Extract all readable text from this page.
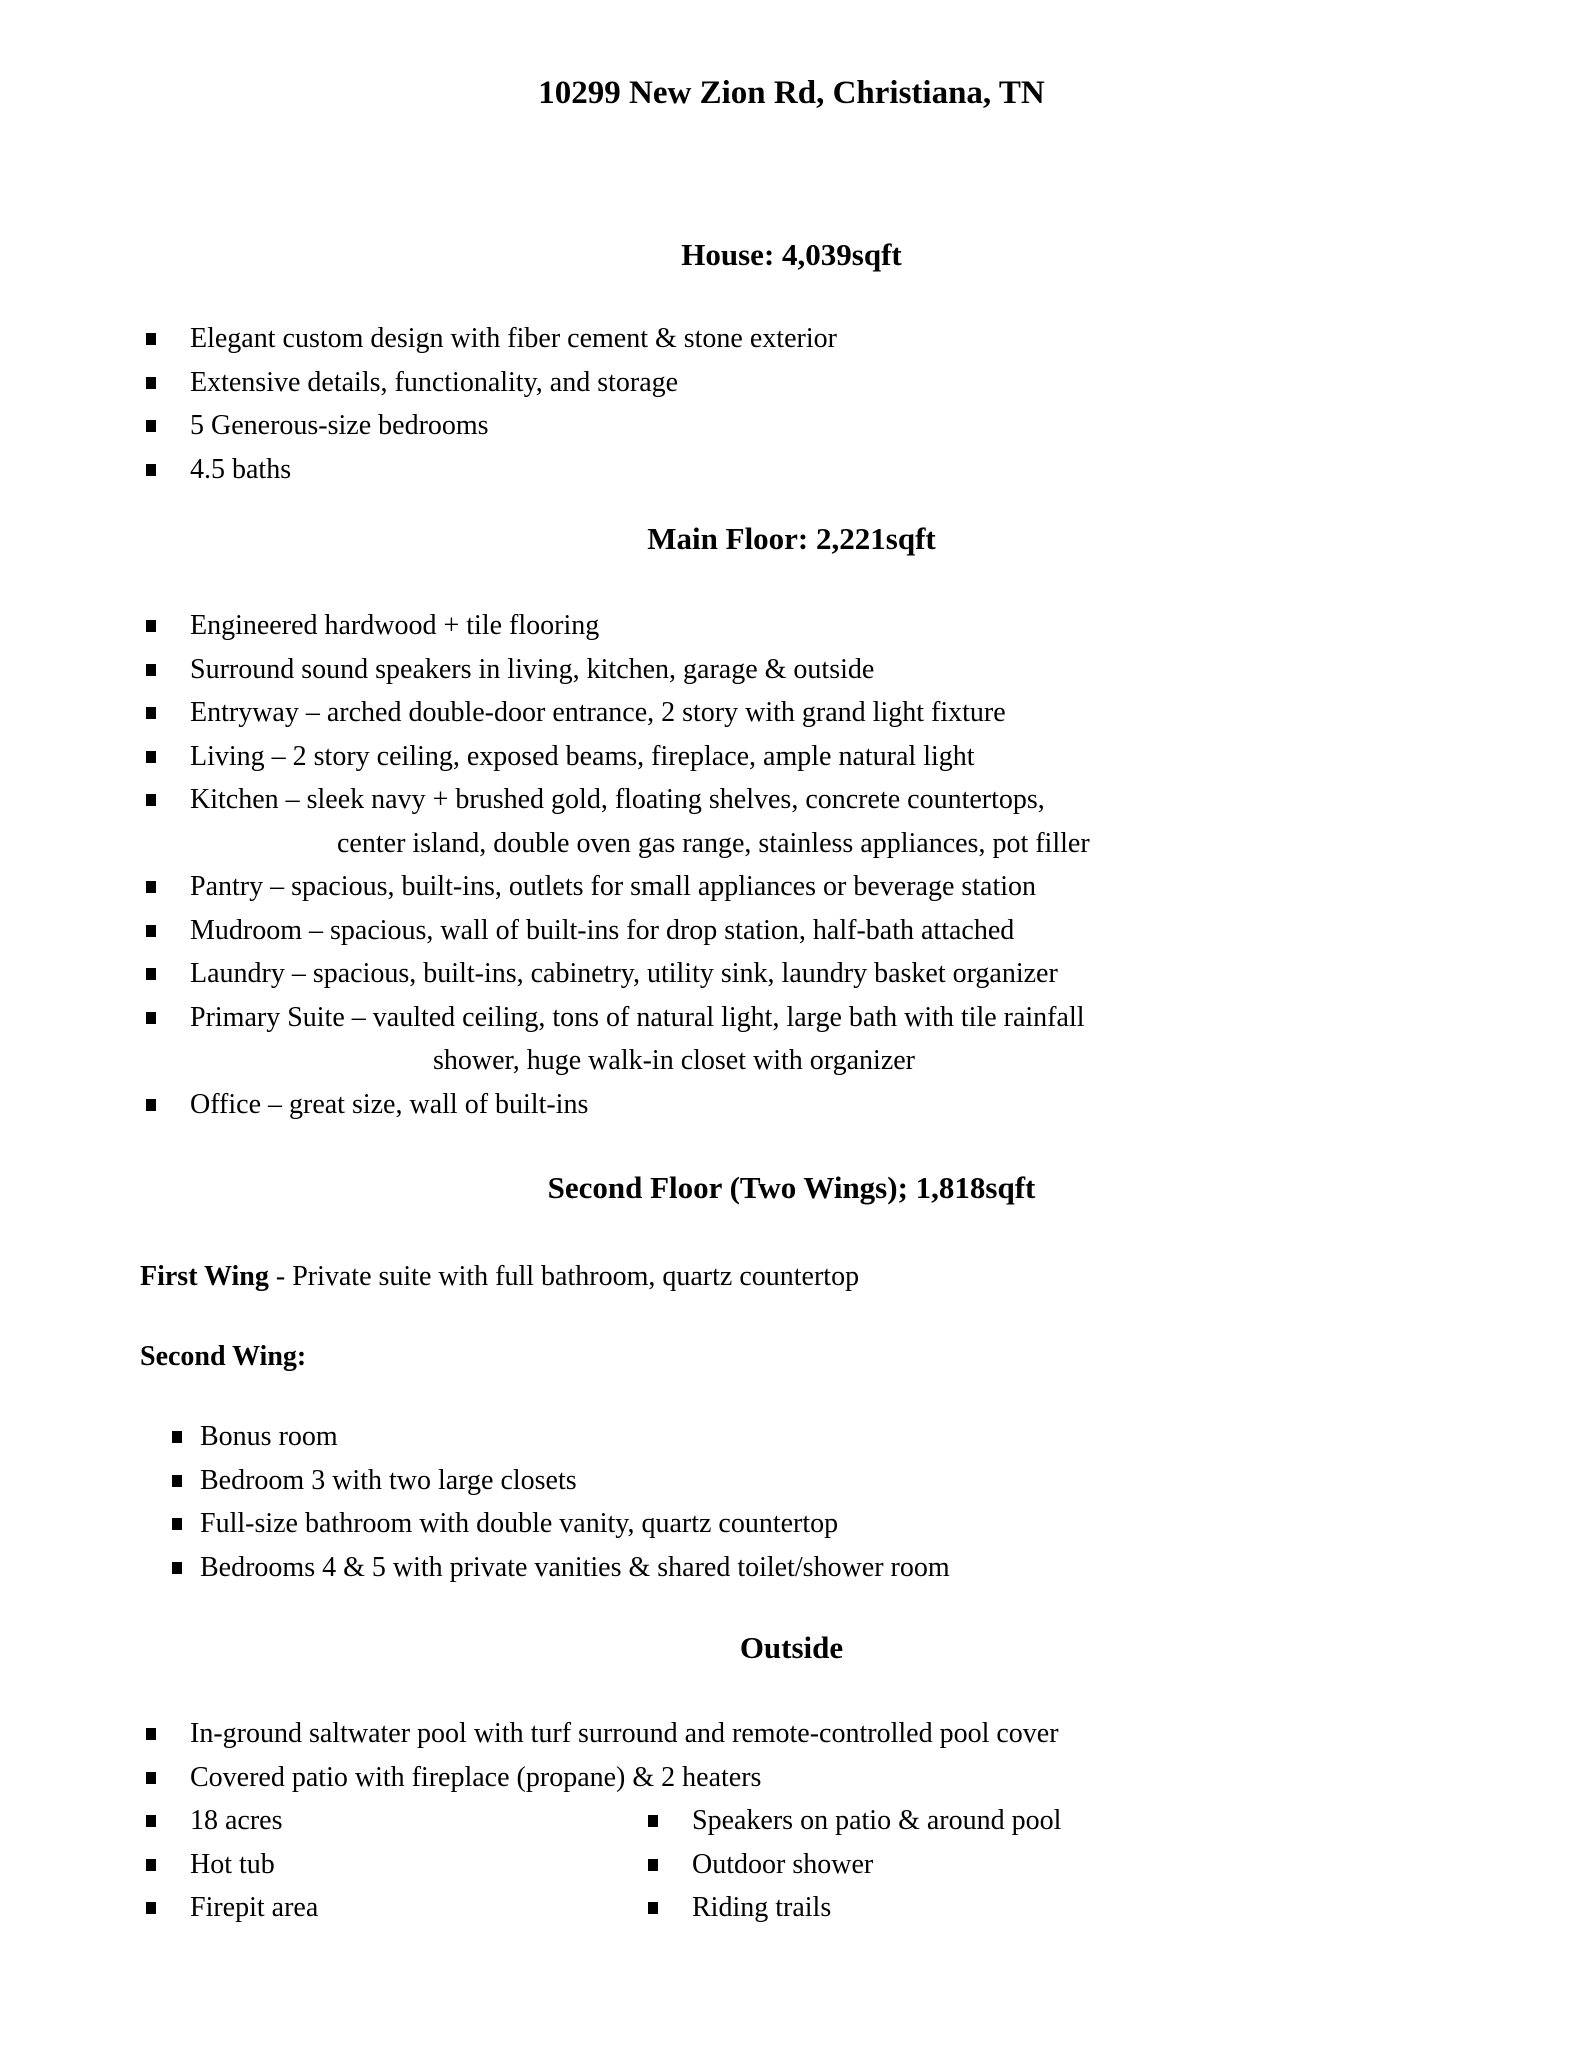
10299 New Zion Rd, Christiana, TN
House: 4,039sqft
Elegant custom design with fiber cement & stone exterior
Extensive details, functionality, and storage
5 Generous-size bedrooms
4.5 baths
Main Floor: 2,221sqft
Engineered hardwood + tile flooring
Surround sound speakers in living, kitchen, garage & outside
Entryway – arched double-door entrance, 2 story with grand light fixture
Living – 2 story ceiling, exposed beams, fireplace, ample natural light
Kitchen – sleek navy + brushed gold, floating shelves, concrete countertops,
center island, double oven gas range, stainless appliances, pot filler
Pantry – spacious, built-ins, outlets for small appliances or beverage station
Mudroom – spacious, wall of built-ins for drop station, half-bath attached
Laundry – spacious, built-ins, cabinetry, utility sink, laundry basket organizer
Primary Suite – vaulted ceiling, tons of natural light, large bath with tile rainfall
shower, huge walk-in closet with organizer
Office – great size, wall of built-ins
Second Floor (Two Wings); 1,818sqft

First Wing - Private suite with full bathroom, quartz countertop

Second Wing:

Bonus room
Bedroom 3 with two large closets
Full-size bathroom with double vanity, quartz countertop
Bedrooms 4 & 5 with private vanities & shared toilet/shower room
Outside
In-ground saltwater pool with turf surround and remote-controlled pool cover
Covered patio with fireplace (propane) & 2 heaters
18 acres	Speakers on patio & around pool
Hot tub	Outdoor shower
Firepit area	Riding trails
